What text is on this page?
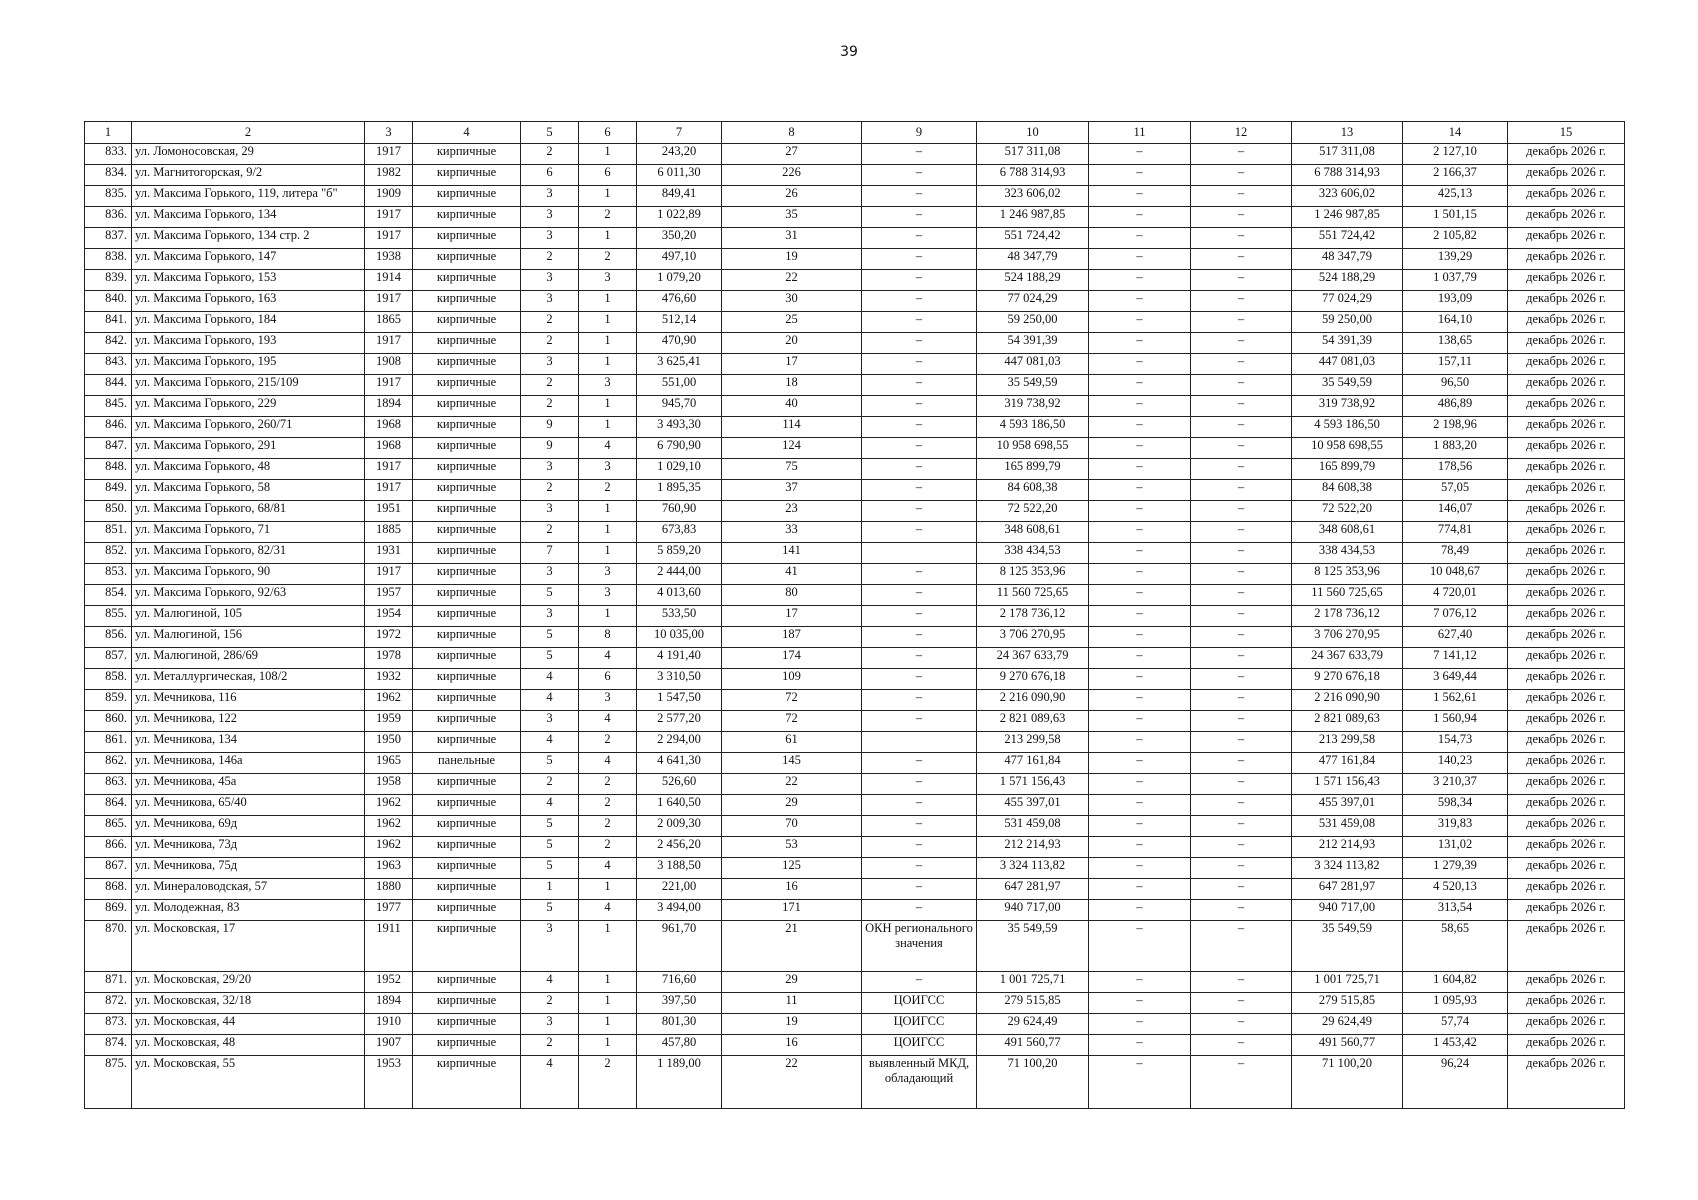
39
1	2	3	4	5	6	7	8	9	10	11	12	13	14	15
833.	ул. Ломоносовская, 29	1917	кирпичные	2	1	243,20	27	–	517 311,08	–	–	517 311,08	2 127,10	декабрь 2026 г.
834.	ул. Магнитогорская, 9/2	1982	кирпичные	6	6	6 011,30	226	–	6 788 314,93	–	–	6 788 314,93	2 166,37	декабрь 2026 г.
835.	ул. Максима Горького, 119, литера "б"	1909	кирпичные	3	1	849,41	26	–	323 606,02	–	–	323 606,02	425,13	декабрь 2026 г.
836.	ул. Максима Горького, 134	1917	кирпичные	3	2	1 022,89	35	–	1 246 987,85	–	–	1 246 987,85	1 501,15	декабрь 2026 г.
837.	ул. Максима Горького, 134 стр. 2	1917	кирпичные	3	1	350,20	31	–	551 724,42	–	–	551 724,42	2 105,82	декабрь 2026 г.
838.	ул. Максима Горького, 147	1938	кирпичные	2	2	497,10	19	–	48 347,79	–	–	48 347,79	139,29	декабрь 2026 г.
839.	ул. Максима Горького, 153	1914	кирпичные	3	3	1 079,20	22	–	524 188,29	–	–	524 188,29	1 037,79	декабрь 2026 г.
840.	ул. Максима Горького, 163	1917	кирпичные	3	1	476,60	30	–	77 024,29	–	–	77 024,29	193,09	декабрь 2026 г.
841.	ул. Максима Горького, 184	1865	кирпичные	2	1	512,14	25	–	59 250,00	–	–	59 250,00	164,10	декабрь 2026 г.
842.	ул. Максима Горького, 193	1917	кирпичные	2	1	470,90	20	–	54 391,39	–	–	54 391,39	138,65	декабрь 2026 г.
843.	ул. Максима Горького, 195	1908	кирпичные	3	1	3 625,41	17	–	447 081,03	–	–	447 081,03	157,11	декабрь 2026 г.
844.	ул. Максима Горького, 215/109	1917	кирпичные	2	3	551,00	18	–	35 549,59	–	–	35 549,59	96,50	декабрь 2026 г.
845.	ул. Максима Горького, 229	1894	кирпичные	2	1	945,70	40	–	319 738,92	–	–	319 738,92	486,89	декабрь 2026 г.
846.	ул. Максима Горького, 260/71	1968	кирпичные	9	1	3 493,30	114	–	4 593 186,50	–	–	4 593 186,50	2 198,96	декабрь 2026 г.
847.	ул. Максима Горького, 291	1968	кирпичные	9	4	6 790,90	124	–	10 958 698,55	–	–	10 958 698,55	1 883,20	декабрь 2026 г.
848.	ул. Максима Горького, 48	1917	кирпичные	3	3	1 029,10	75	–	165 899,79	–	–	165 899,79	178,56	декабрь 2026 г.
849.	ул. Максима Горького, 58	1917	кирпичные	2	2	1 895,35	37	–	84 608,38	–	–	84 608,38	57,05	декабрь 2026 г.
850.	ул. Максима Горького, 68/81	1951	кирпичные	3	1	760,90	23	–	72 522,20	–	–	72 522,20	146,07	декабрь 2026 г.
851.	ул. Максима Горького, 71	1885	кирпичные	2	1	673,83	33	–	348 608,61	–	–	348 608,61	774,81	декабрь 2026 г.
852.	ул. Максима Горького, 82/31	1931	кирпичные	7	1	5 859,20	141		338 434,53	–	–	338 434,53	78,49	декабрь 2026 г.
853.	ул. Максима Горького, 90	1917	кирпичные	3	3	2 444,00	41	–	8 125 353,96	–	–	8 125 353,96	10 048,67	декабрь 2026 г.
854.	ул. Максима Горького, 92/63	1957	кирпичные	5	3	4 013,60	80	–	11 560 725,65	–	–	11 560 725,65	4 720,01	декабрь 2026 г.
855.	ул. Малюгиной, 105	1954	кирпичные	3	1	533,50	17	–	2 178 736,12	–	–	2 178 736,12	7 076,12	декабрь 2026 г.
856.	ул. Малюгиной, 156	1972	кирпичные	5	8	10 035,00	187	–	3 706 270,95	–	–	3 706 270,95	627,40	декабрь 2026 г.
857.	ул. Малюгиной, 286/69	1978	кирпичные	5	4	4 191,40	174	–	24 367 633,79	–	–	24 367 633,79	7 141,12	декабрь 2026 г.
858.	ул. Металлургическая, 108/2	1932	кирпичные	4	6	3 310,50	109	–	9 270 676,18	–	–	9 270 676,18	3 649,44	декабрь 2026 г.
859.	ул. Мечникова, 116	1962	кирпичные	4	3	1 547,50	72	–	2 216 090,90	–	–	2 216 090,90	1 562,61	декабрь 2026 г.
860.	ул. Мечникова, 122	1959	кирпичные	3	4	2 577,20	72	–	2 821 089,63	–	–	2 821 089,63	1 560,94	декабрь 2026 г.
861.	ул. Мечникова, 134	1950	кирпичные	4	2	2 294,00	61		213 299,58	–	–	213 299,58	154,73	декабрь 2026 г.
862.	ул. Мечникова, 146а	1965	панельные	5	4	4 641,30	145	–	477 161,84	–	–	477 161,84	140,23	декабрь 2026 г.
863.	ул. Мечникова, 45а	1958	кирпичные	2	2	526,60	22	–	1 571 156,43	–	–	1 571 156,43	3 210,37	декабрь 2026 г.
864.	ул. Мечникова, 65/40	1962	кирпичные	4	2	1 640,50	29	–	455 397,01	–	–	455 397,01	598,34	декабрь 2026 г.
865.	ул. Мечникова, 69д	1962	кирпичные	5	2	2 009,30	70	–	531 459,08	–	–	531 459,08	319,83	декабрь 2026 г.
866.	ул. Мечникова, 73д	1962	кирпичные	5	2	2 456,20	53	–	212 214,93	–	–	212 214,93	131,02	декабрь 2026 г.
867.	ул. Мечникова, 75д	1963	кирпичные	5	4	3 188,50	125	–	3 324 113,82	–	–	3 324 113,82	1 279,39	декабрь 2026 г.
868.	ул. Минераловодская, 57	1880	кирпичные	1	1	221,00	16	–	647 281,97	–	–	647 281,97	4 520,13	декабрь 2026 г.
869.	ул. Молодежная, 83	1977	кирпичные	5	4	3 494,00	171	–	940 717,00	–	–	940 717,00	313,54	декабрь 2026 г.
870.	ул. Московская, 17	1911	кирпичные	3	1	961,70	21	ОКН регионального значения	35 549,59	–	–	35 549,59	58,65	декабрь 2026 г.
871.	ул. Московская, 29/20	1952	кирпичные	4	1	716,60	29	–	1 001 725,71	–	–	1 001 725,71	1 604,82	декабрь 2026 г.
872.	ул. Московская, 32/18	1894	кирпичные	2	1	397,50	11	ЦОИГСС	279 515,85	–	–	279 515,85	1 095,93	декабрь 2026 г.
873.	ул. Московская, 44	1910	кирпичные	3	1	801,30	19	ЦОИГСС	29 624,49	–	–	29 624,49	57,74	декабрь 2026 г.
874.	ул. Московская, 48	1907	кирпичные	2	1	457,80	16	ЦОИГСС	491 560,77	–	–	491 560,77	1 453,42	декабрь 2026 г.
875.	ул. Московская, 55	1953	кирпичные	4	2	1 189,00	22	выявленный МКД, обладающий	71 100,20	–	–	71 100,20	96,24	декабрь 2026 г.
